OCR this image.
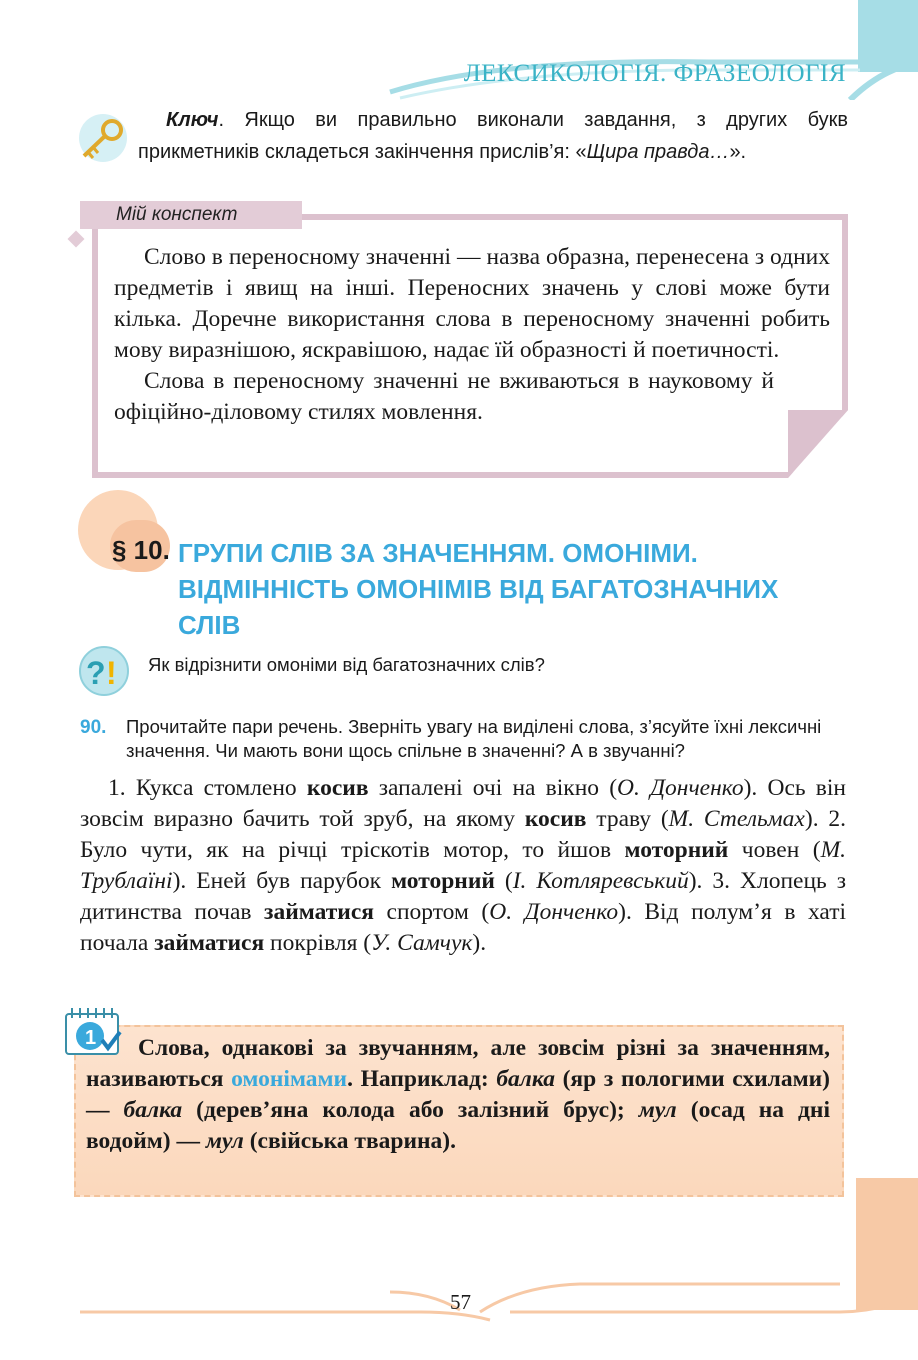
ЛЕКСИКОЛОГІЯ. ФРАЗЕОЛОГІЯ
Ключ. Якщо ви правильно виконали завдання, з других букв прикметників складеться закінчення прислів’я: «Щира правда…».
Мій конспект

Слово в переносному значенні — назва образна, перенесена з одних предметів і явищ на інші. Переносних значень у слові може бути кілька. Доречне використання слова в переносному значенні робить мову виразнішою, яскравішою, надає їй образності й поетичності.

Слова в переносному значенні не вживаються в науковому й офіційно-діловому стилях мовлення.

§ 10. ГРУПИ СЛІВ ЗА ЗНАЧЕННЯМ. ОМОНІМИ. ВІДМІННІСТЬ ОМОНІМІВ ВІД БАГАТОЗНАЧНИХ СЛІВ
? ! Як відрізнити омоніми від багатозначних слів?
90. Прочитайте пари речень. Зверніть увагу на виділені слова, з’ясуйте їхні лексичні значення. Чи мають вони щось спільне в значенні? А в звучанні?
1. Кукса стомлено косив запалені очі на вікно (О. Донченко). Ось він зовсім виразно бачить той зруб, на якому косив траву (М. Стельмах). 2. Було чути, як на річці тріскотів мотор, то йшов моторний човен (М. Трублаїні). Еней був парубок моторний (І. Котляревський). 3. Хлопець з дитинства почав займатися спортом (О. Донченко). Від полум’я в хаті почала займатися покрівля (У. Самчук).
1	Слова, однакові за звучанням, але зовсім різні за значенням, називаються омонімами. Наприклад: балка (яр з пологими схилами) — балка (дерев’яна колода або залізний брус); мул (осад на дні водойм) — мул (свійська тварина).
57
